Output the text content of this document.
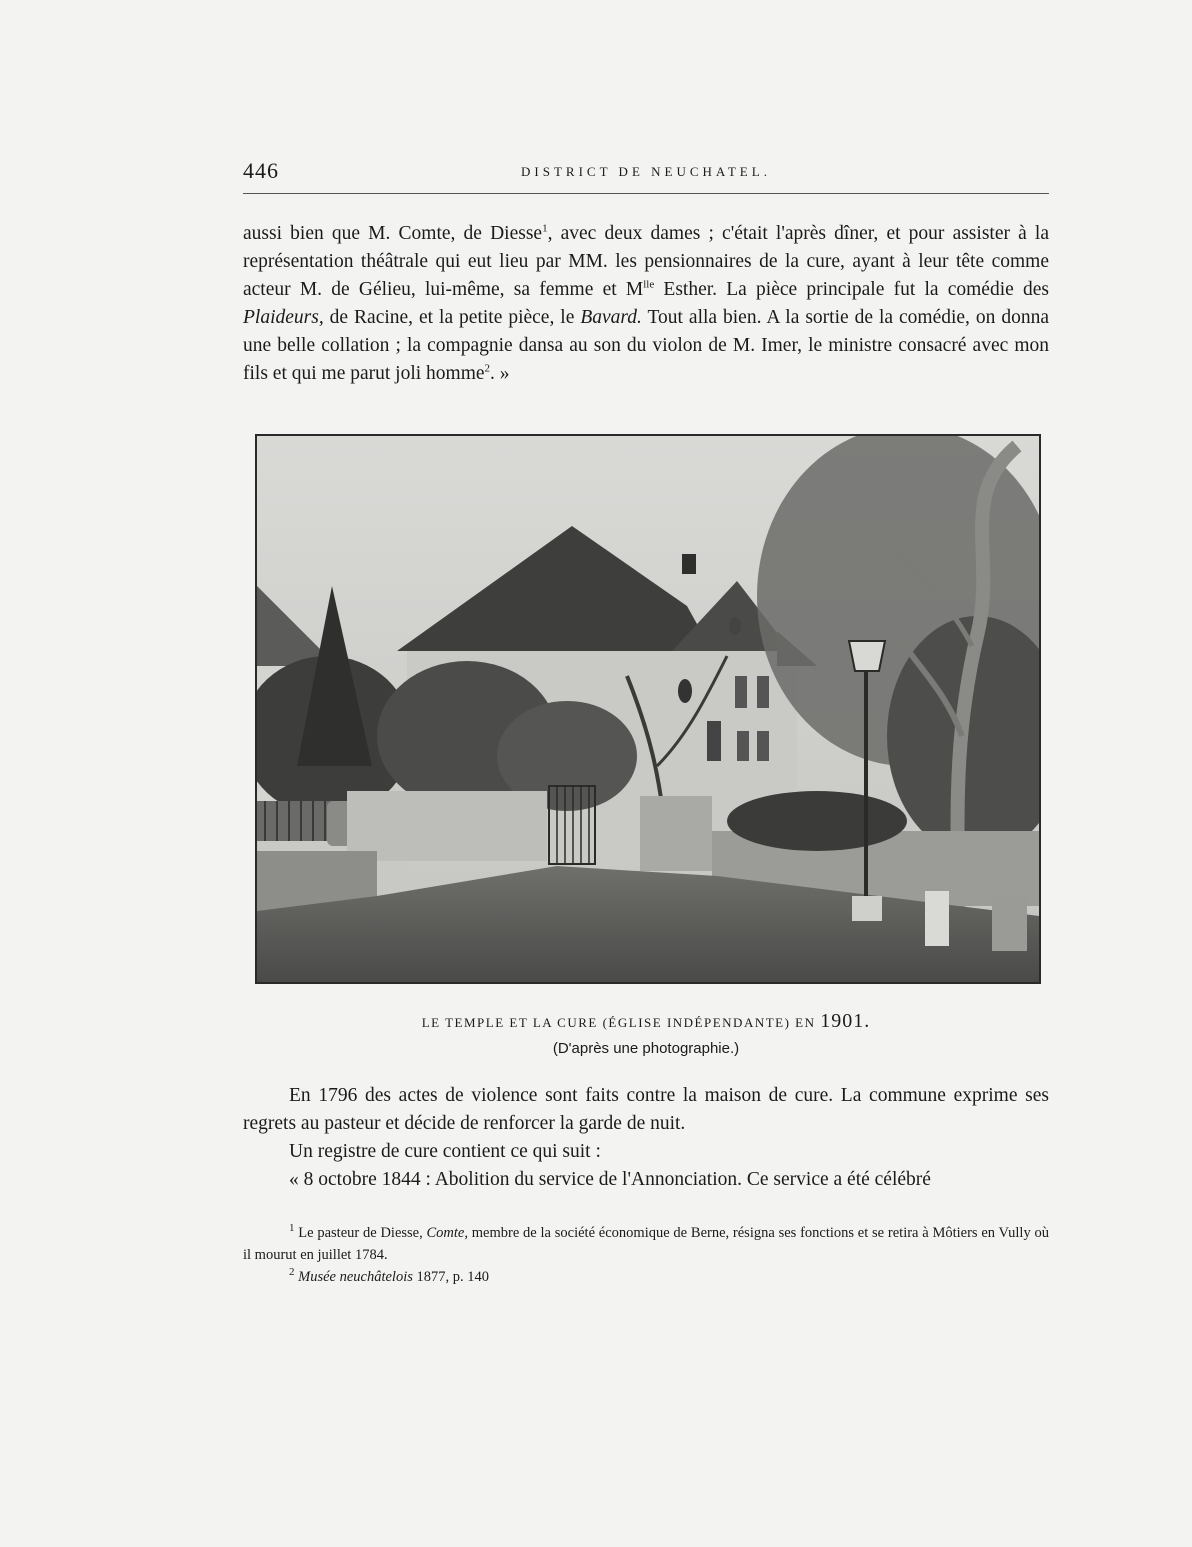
446	DISTRICT DE NEUCHATEL.

aussi bien que M. Comte, de Diesse$^1$, avec deux dames ; c'était l'après dîner, et pour assister à la représentation théâtrale qui eut lieu par MM. les pensionnaires de la cure, ayant à leur tête comme acteur M. de Gélieu, lui-même, sa femme et $M^{lle}$ Esther. La pièce principale fut la comédie des Plaideurs, de Racine, et la petite pièce, le Bavard. Tout alla bien. A la sortie de la comédie, on donna une belle collation ; la compagnie dansa au son du violon de M. Imer, le ministre consacré avec mon fils et qui me parut joli homme$^2$. »

LE TEMPLE ET LA CURE (ÉGLISE INDÉPENDANTE) EN 1901.
(D'après une photographie.)

En 1796 des actes de violence sont faits contre la maison de cure. La commune exprime ses regrets au pasteur et décide de renforcer la garde de nuit.

Un registre de cure contient ce qui suit :

« 8 octobre 1844 : Abolition du service de l'Annonciation. Ce service a été célébré

$^1$ Le pasteur de Diesse, Comte, membre de la société économique de Berne, résigna ses fonctions et se retira à Môtiers en Vully où il mourut en juillet 1784.

$^2$ Musée neuchâtelois 1877, p. 140
